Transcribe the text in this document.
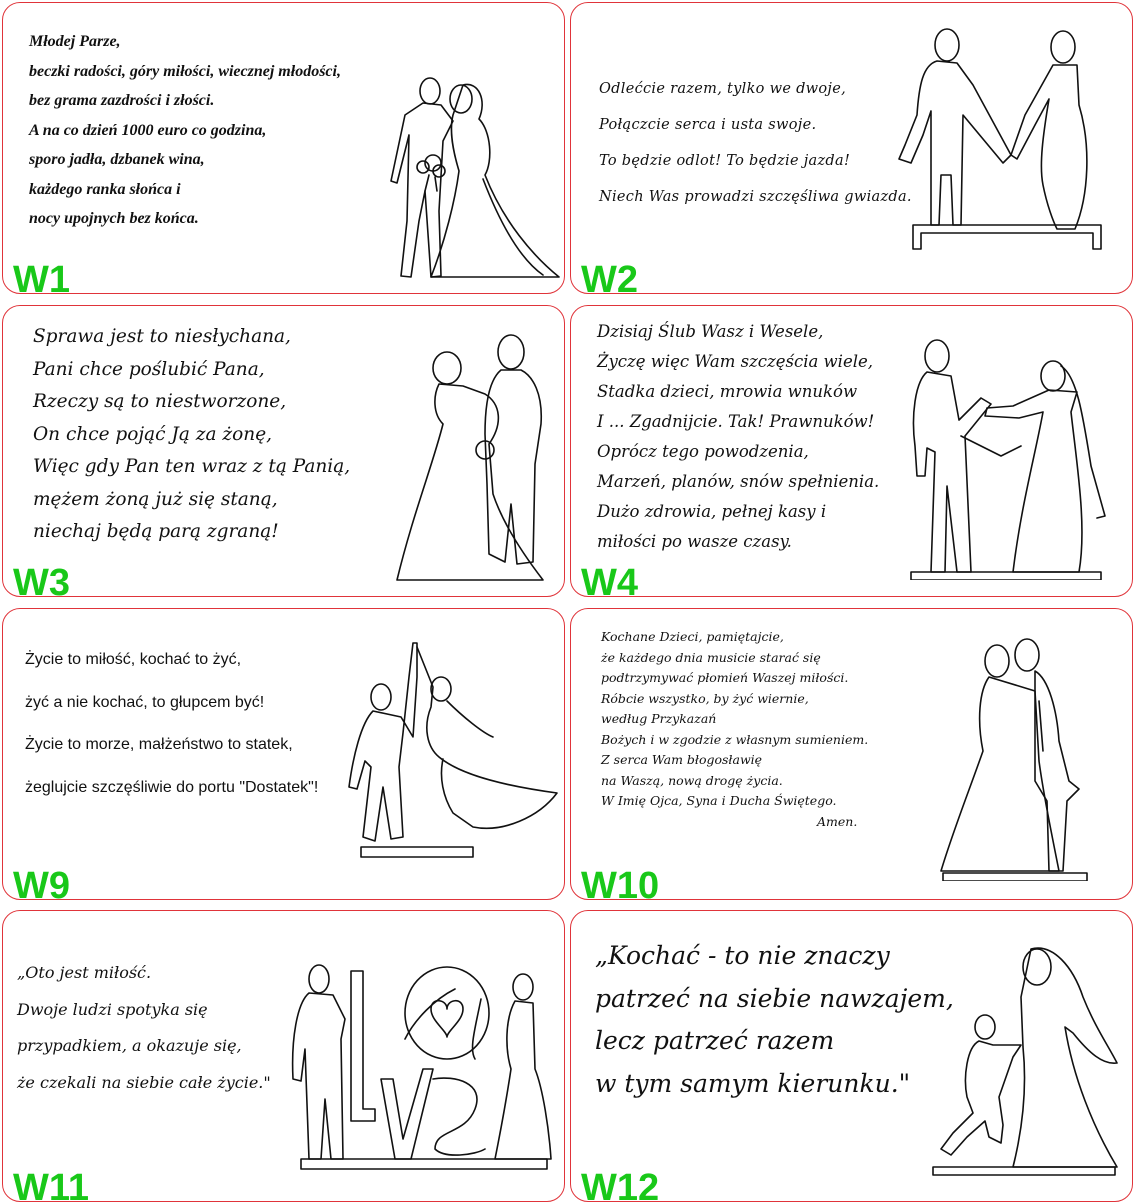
Młodej Parze,
beczki radości, góry miłości, wiecznej młodości,
bez grama zazdrości i złości.
A na co dzień 1000 euro co godzina,
sporo jadła, dzbanek wina,
każdego ranka słońca i
nocy upojnych bez końca.
W1
Odlećcie razem, tylko we dwoje,
Połączcie serca i usta swoje.
To będzie odlot! To będzie jazda!
Niech Was prowadzi szczęśliwa gwiazda.
W2
Sprawa jest to niesłychana,
Pani chce poślubić Pana,
Rzeczy są to niestworzone,
On chce pojąć Ją za żonę,
Więc gdy Pan ten wraz z tą Panią,
mężem żoną już się staną,
niechaj będą parą zgraną!
W3
Dzisiaj Ślub Wasz i Wesele,
Życzę więc Wam szczęścia wiele,
Stadka dzieci, mrowia wnuków
I ... Zgadnijcie. Tak! Prawnuków!
Oprócz tego powodzenia,
Marzeń, planów, snów spełnienia.
Dużo zdrowia, pełnej kasy i
miłości po wasze czasy.
W4
Życie to miłość, kochać to żyć,
żyć a nie kochać, to głupcem być!
Życie to morze, małżeństwo to statek,
żeglujcie szczęśliwie do portu "Dostatek"!
W9
Kochane Dzieci, pamiętajcie,
że każdego dnia musicie starać się
podtrzymywać płomień Waszej miłości.
Róbcie wszystko, by żyć wiernie,
według Przykazań
Bożych i w zgodzie z własnym sumieniem.
Z serca Wam błogosławię
na Waszą, nową drogę życia.
W Imię Ojca, Syna i Ducha Świętego.
Amen.
W10
„Oto jest miłość.
Dwoje ludzi spotyka się
przypadkiem, a okazuje się,
że czekali na siebie całe życie."
W11
„Kochać - to nie znaczy
patrzeć na siebie nawzajem,
lecz patrzeć razem
w tym samym kierunku."
W12
